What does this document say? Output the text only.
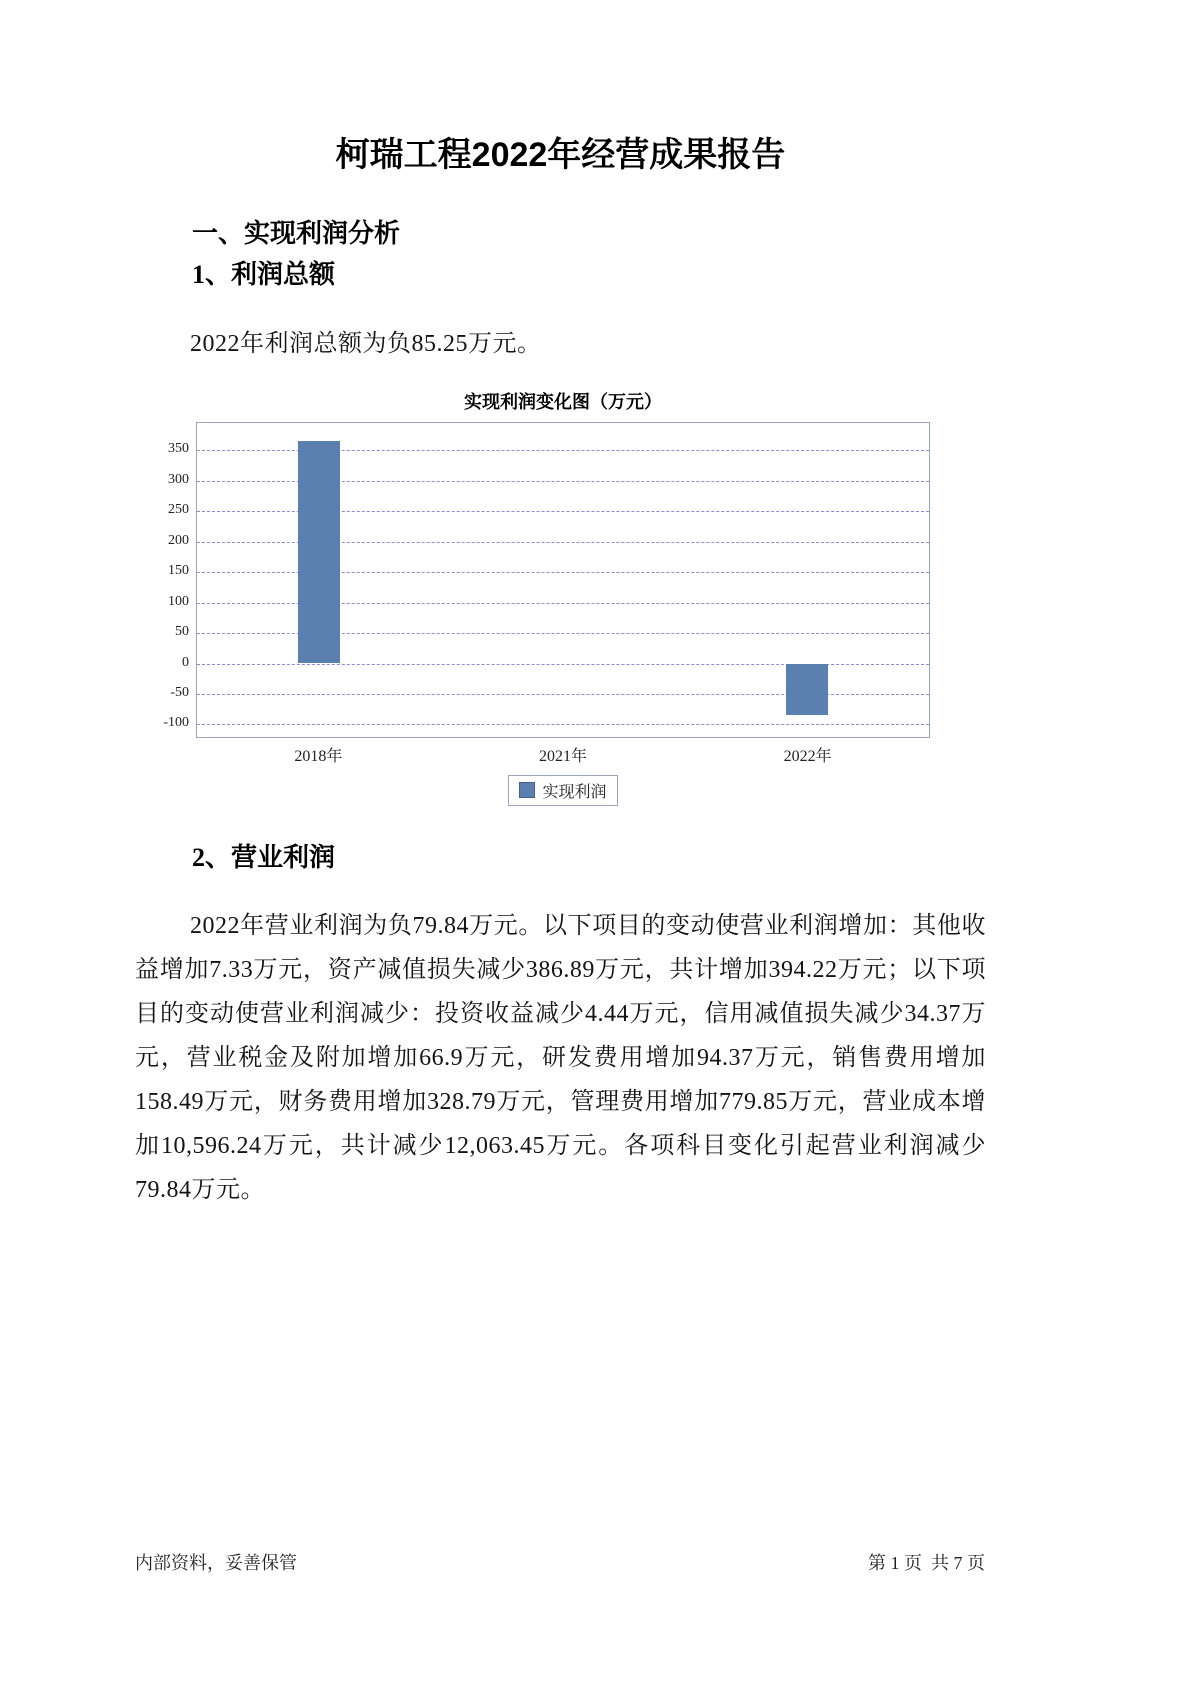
柯瑞工程2022年经营成果报告
一、实现利润分析
1、利润总额

2022年利润总额为负85.25万元。

实现利润变化图（万元）
-100
-50
0
50
100
150
200
250
300
350
2018年	2021年	2022年
实现利润
2、营业利润

2022年营业利润为负79.84万元。以下项目的变动使营业利润增加：其他收益增加7.33万元，资产减值损失减少386.89万元，共计增加394.22万元；以下项目的变动使营业利润减少：投资收益减少4.44万元，信用减值损失减少34.37万元，营业税金及附加增加66.9万元，研发费用增加94.37万元，销售费用增加158.49万元，财务费用增加328.79万元，管理费用增加779.85万元，营业成本增加10,596.24万元，共计减少12,063.45万元。各项科目变化引起营业利润减少79.84万元。

内部资料，妥善保管	第 1 页  共 7 页
